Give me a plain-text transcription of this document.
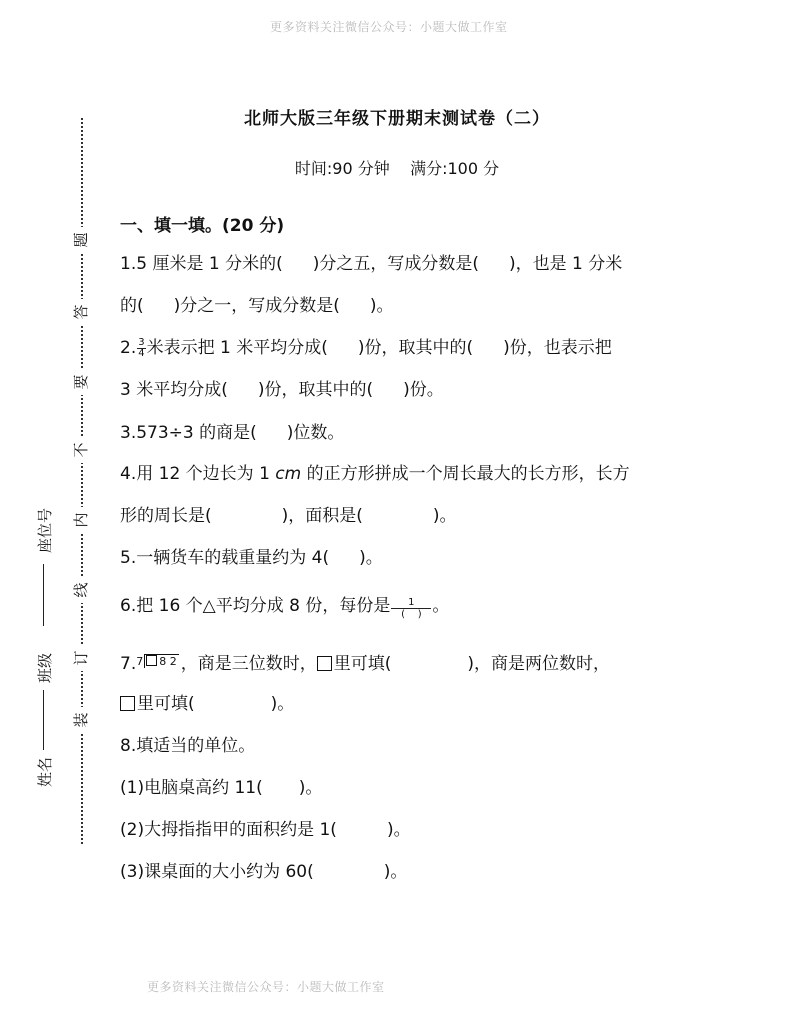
更多资料关注微信公众号：小题大做工作室
更多资料关注微信公众号：小题大做工作室
题
答
要
不
内
线
订
装
座位号
班级
姓名
北师大版三年级下册期末测试卷（二）
时间:90 分钟    满分:100 分
一、填一填。(20 分)
1.5 厘米是 1 分米的( )分之五，写成分数是( )，也是 1 分米
的( )分之一，写成分数是( )。
2. $\frac{3}{4}$ 米表示把 1 米平均分成( )份，取其中的( )份，也表示把
3 米平均分成( )份，取其中的( )份。
3.573÷3 的商是( )位数。
4.用 12 个边长为 1 cm 的正方形拼成一个周长最大的长方形，长方
形的周长是(	)，面积是(	)。
5.一辆货车的载重量约为 4( )。
6.把 16 个△平均分成 8 份，每份是 $\frac{1}{( )}$ 。
7.7 8 2 ，商是三位数时， 里可填(	)，商是两位数时，
里可填(	)。
8.填适当的单位。
(1)电脑桌高约 11( )。
(2)大拇指指甲的面积约是 1(	)。
(3)课桌面的大小约为 60(	)。
